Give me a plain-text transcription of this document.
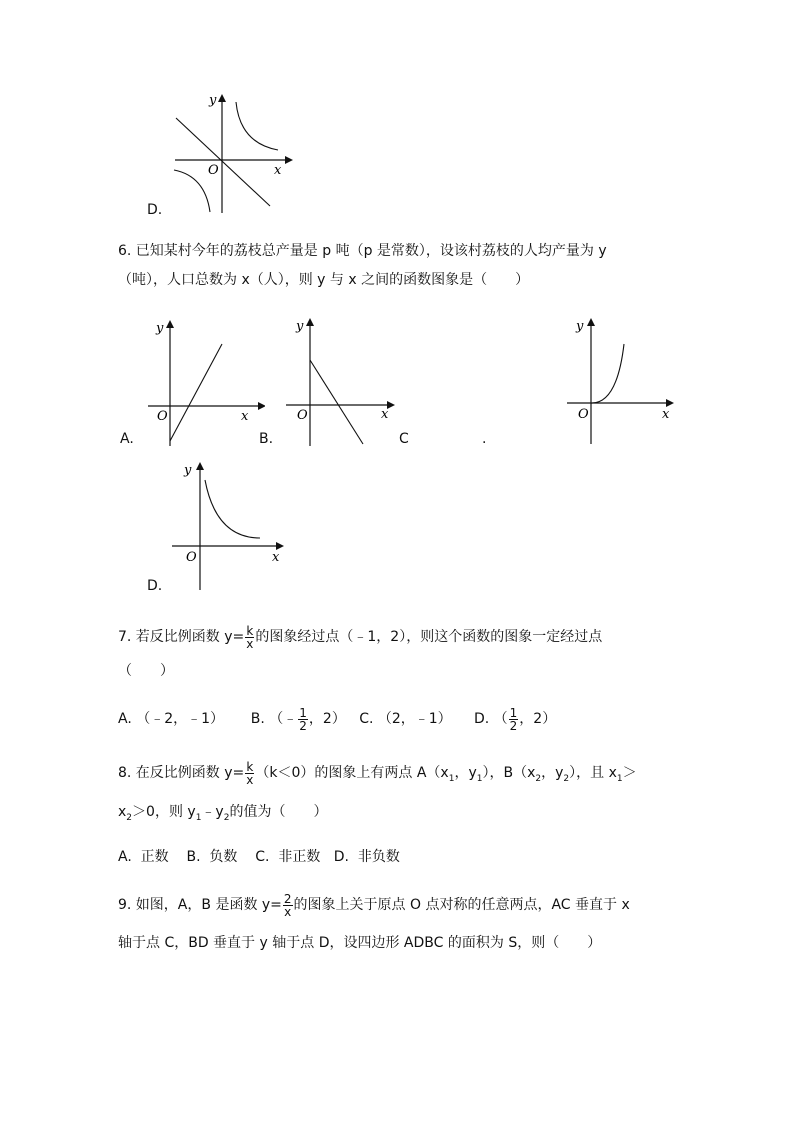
y
x
O
D.
6. 已知某村今年的荔枝总产量是 p 吨（p 是常数），设该村荔枝的人均产量为 y
（吨），人口总数为 x（人），则 y 与 x 之间的函数图象是（　　）
y
x
O
A.
y
x
O
B.	C	.
y
x
O
y
x
O
D.
7. 若反比例函数 $y= \frac{k}{x}$ 的图象经过点（﹣1，2），则这个函数的图象一定经过点
（　　）
A. （﹣2，﹣1） B. （﹣ $\frac{1}{2}$ ，2） C. （2，﹣1） D. （ $\frac{1}{2}$ ，2）
8. 在反比例函数 $y= \frac{k}{x} (k<0)$的图象上有两点 $A(x_1$，$y_1$），$B(x_2$，$y_2$），且 $x_1>$
$x_2>0$，则 $y_1﹣y_2$的值为（　　）
A.  正数    B.  负数    C.  非正数   D.  非负数
9. 如图，A，B 是函数 $y= \frac{2}{x}$ 的图象上关于原点 O 点对称的任意两点，AC 垂直于 x
轴于点 C，BD 垂直于 y 轴于点 D，设四边形 ADBC 的面积为 S，则（　　）
